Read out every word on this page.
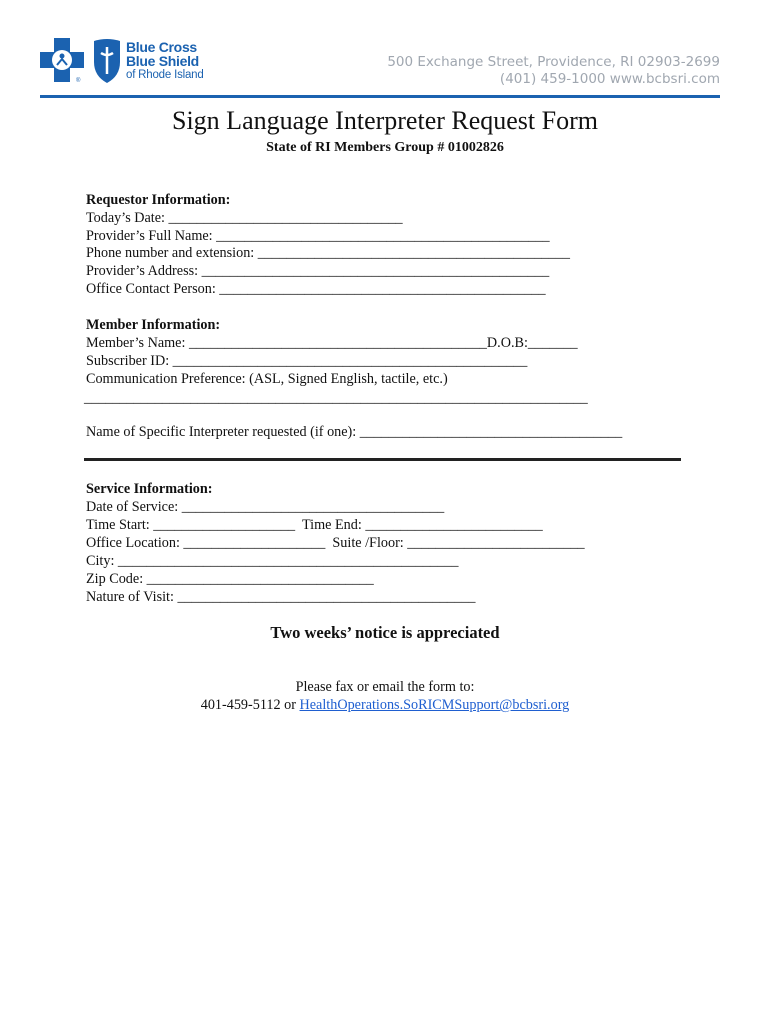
®
Blue Cross
Blue Shield
of Rhode Island
500 Exchange Street, Providence, RI 02903-2699
(401) 459-1000 www.bcbsri.com
Sign Language Interpreter Request Form
State of RI Members Group # 01002826
Requestor Information:
Today’s Date: _________________________________
Provider’s Full Name: _______________________________________________
Phone number and extension: ____________________________________________
Provider’s Address: _________________________________________________
Office Contact Person: ______________________________________________
Member Information:
Member’s Name: __________________________________________D.O.B:_______
Subscriber ID: __________________________________________________
Communication Preference: (ASL, Signed English, tactile, etc.)
_______________________________________________________________________
Name of Specific Interpreter requested (if one): _____________________________________
Service Information:
Date of Service: _____________________________________
Time Start: ____________________  Time End: _________________________
Office Location: ____________________  Suite /Floor: _________________________
City: ________________________________________________
Zip Code: ________________________________
Nature of Visit: __________________________________________
Two weeks’ notice is appreciated
Please fax or email the form to:
401-459-5112 or HealthOperations.SoRICMSupport@bcbsri.org
